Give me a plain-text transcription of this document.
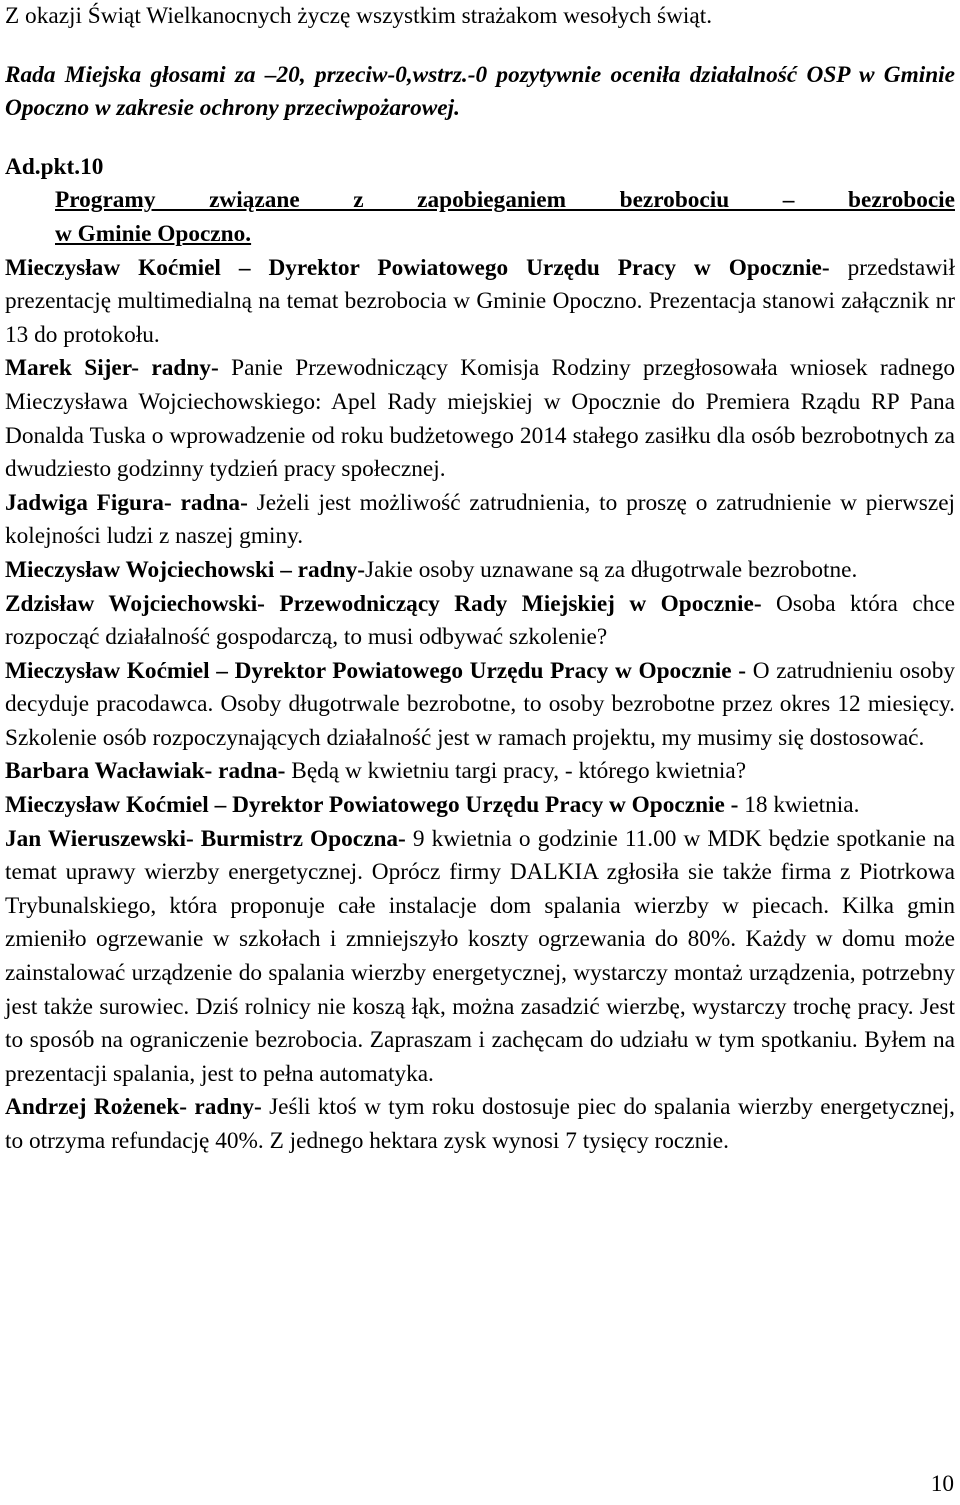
Z okazji Świąt Wielkanocnych życzę wszystkim strażakom wesołych świąt.

Rada Miejska głosami za –20, przeciw-0,wstrz.-0 pozytywnie oceniła działalność OSP w Gminie Opoczno w zakresie ochrony przeciwpożarowej.

Ad.pkt.10

Programy związane z zapobieganiem bezrobociu – bezrobocie

w Gminie Opoczno.

Mieczysław Koćmiel – Dyrektor Powiatowego Urzędu Pracy w Opocznie- przedstawił prezentację multimedialną na temat bezrobocia w Gminie Opoczno. Prezentacja stanowi załącznik nr 13 do protokołu.

Marek Sijer- radny- Panie Przewodniczący Komisja Rodziny przegłosowała wniosek radnego Mieczysława Wojciechowskiego: Apel Rady miejskiej w Opocznie do Premiera Rządu RP Pana Donalda Tuska o wprowadzenie od roku budżetowego 2014 stałego zasiłku dla osób bezrobotnych za dwudziesto godzinny tydzień pracy społecznej.

Jadwiga Figura- radna- Jeżeli jest możliwość zatrudnienia, to proszę o zatrudnienie w pierwszej kolejności ludzi z naszej gminy.

Mieczysław Wojciechowski – radny-Jakie osoby uznawane są za długotrwale bezrobotne.

Zdzisław Wojciechowski- Przewodniczący Rady Miejskiej w Opocznie- Osoba która chce rozpocząć działalność gospodarczą, to musi odbywać szkolenie?

Mieczysław Koćmiel – Dyrektor Powiatowego Urzędu Pracy w Opocznie - O zatrudnieniu osoby decyduje pracodawca. Osoby długotrwale bezrobotne, to osoby bezrobotne przez okres 12 miesięcy. Szkolenie osób rozpoczynających działalność jest w ramach projektu, my musimy się dostosować.

Barbara Wacławiak- radna- Będą w kwietniu targi pracy, - którego kwietnia?

Mieczysław Koćmiel – Dyrektor Powiatowego Urzędu Pracy w Opocznie - 18 kwietnia.

Jan Wieruszewski- Burmistrz Opoczna- 9 kwietnia o godzinie 11.00 w MDK będzie spotkanie na temat uprawy wierzby energetycznej. Oprócz firmy DALKIA zgłosiła sie także firma z Piotrkowa Trybunalskiego, która proponuje całe instalacje dom spalania wierzby w piecach. Kilka gmin zmieniło ogrzewanie w szkołach i zmniejszyło koszty ogrzewania do 80%. Każdy w domu może zainstalować urządzenie do spalania wierzby energetycznej, wystarczy montaż urządzenia, potrzebny jest także surowiec. Dziś rolnicy nie koszą łąk, można zasadzić wierzbę, wystarczy trochę pracy. Jest to sposób na ograniczenie bezrobocia. Zapraszam i zachęcam do udziału w tym spotkaniu. Byłem na prezentacji spalania, jest to pełna automatyka.

Andrzej Rożenek- radny- Jeśli ktoś w tym roku dostosuje piec do spalania wierzby energetycznej, to otrzyma refundację 40%. Z jednego hektara zysk wynosi 7 tysięcy rocznie.

10
